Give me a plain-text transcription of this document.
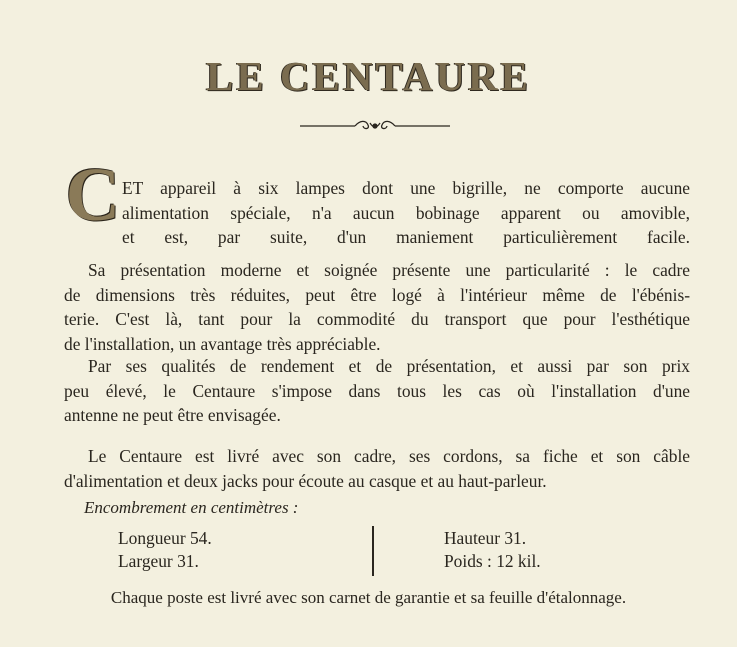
LE CENTAURE
C ET appareil à six lampes dont une bigrille, ne comporte aucune
alimentation spéciale, n'a aucun bobinage apparent ou amovible,
et est, par suite, d'un maniement particulièrement facile.
Sa présentation moderne et soignée présente une particularité : le cadre
de dimensions très réduites, peut être logé à l'intérieur même de l'ébénis-
terie. C'est là, tant pour la commodité du transport que pour l'esthétique
de l'installation, un avantage très appréciable.
Par ses qualités de rendement et de présentation, et aussi par son prix
peu élevé, le Centaure s'impose dans tous les cas où l'installation d'une
antenne ne peut être envisagée.
Le Centaure est livré avec son cadre, ses cordons, sa fiche et son câble
d'alimentation et deux jacks pour écoute au casque et au haut-parleur.
Encombrement en centimètres :
Longueur 54.
Largeur 31.
Hauteur 31.
Poids : 12 kil.
Chaque poste est livré avec son carnet de garantie et sa feuille d'étalonnage.
